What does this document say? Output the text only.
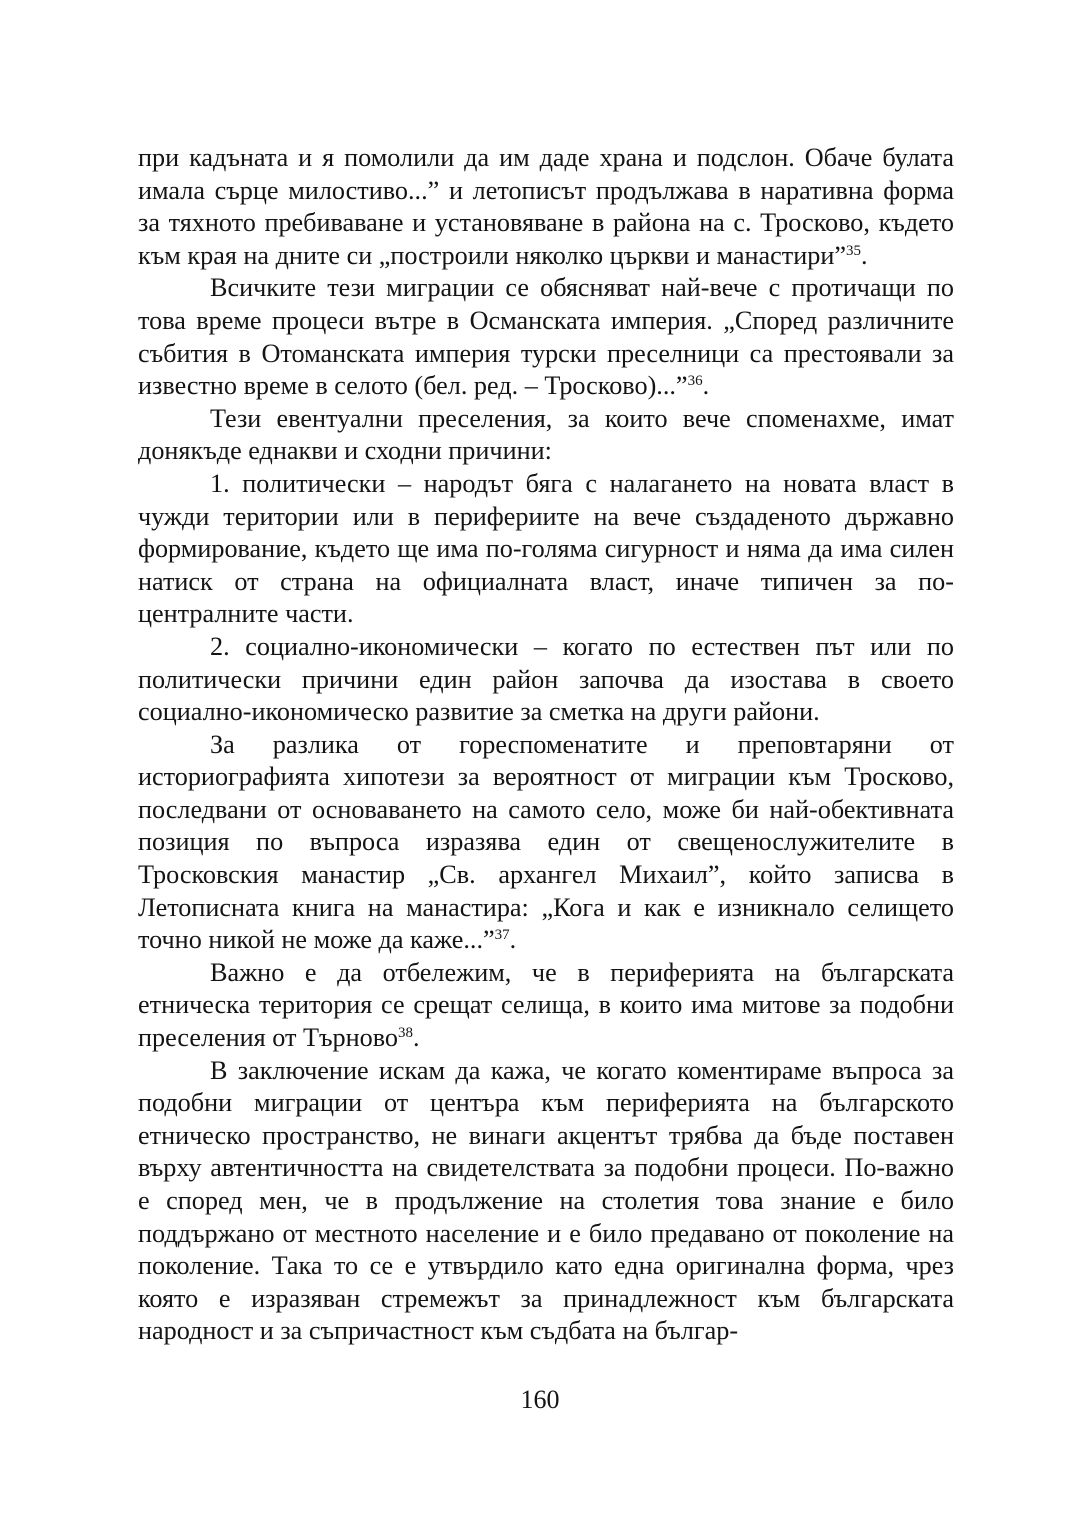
при кадъната и я помолили да им даде храна и подслон. Обаче булата имала сърце милостиво...” и летописът продължава в наративна форма за тяхното пребиваване и установяване в района на с. Тросково, където към края на дните си „построили няколко църкви и манастири”$^{35}$.

Всичките тези миграции се обясняват най-вече с протичащи по това време процеси вътре в Османската империя. „Според различните събития в Отоманската империя турски преселници са престоявали за известно време в селото (бел. ред. – Тросково)...”$^{36}$.

Тези евентуални преселения, за които вече споменахме, имат донякъде еднакви и сходни причини:

1. политически – народът бяга с налагането на новата власт в чужди територии или в перифериите на вече създаденото държавно формирование, където ще има по-голяма сигурност и няма да има силен натиск от страна на официалната власт, иначе типичен за по-централните части.

2. социално-икономически – когато по естествен път или по политически причини един район започва да изостава в своето социално-икономическо развитие за сметка на други райони.

За разлика от гореспоменатите и преповтаряни от историографията хипотези за вероятност от миграции към Тросково, последвани от основаването на самото село, може би най-обективната позиция по въпроса изразява един от свещенослужителите в Тросковския манастир „Св. архангел Михаил”, който записва в Летописната книга на манастира: „Кога и как е изникнало селището точно никой не може да каже...”$^{37}$.

Важно е да отбележим, че в периферията на българската етническа територия се срещат селища, в които има митове за подобни преселения от Търново$^{38}$.

В заключение искам да кажа, че когато коментираме въпроса за подобни миграции от центъра към периферията на българското етническо пространство, не винаги акцентът трябва да бъде поставен върху автентичността на свидетелствата за подобни процеси. По-важно е според мен, че в продължение на столетия това знание е било поддържано от местното население и е било предавано от поколение на поколение. Така то се е утвърдило като една оригинална форма, чрез която е изразяван стремежът за принадлежност към българската народност и за съпричастност към съдбата на българ-

160
